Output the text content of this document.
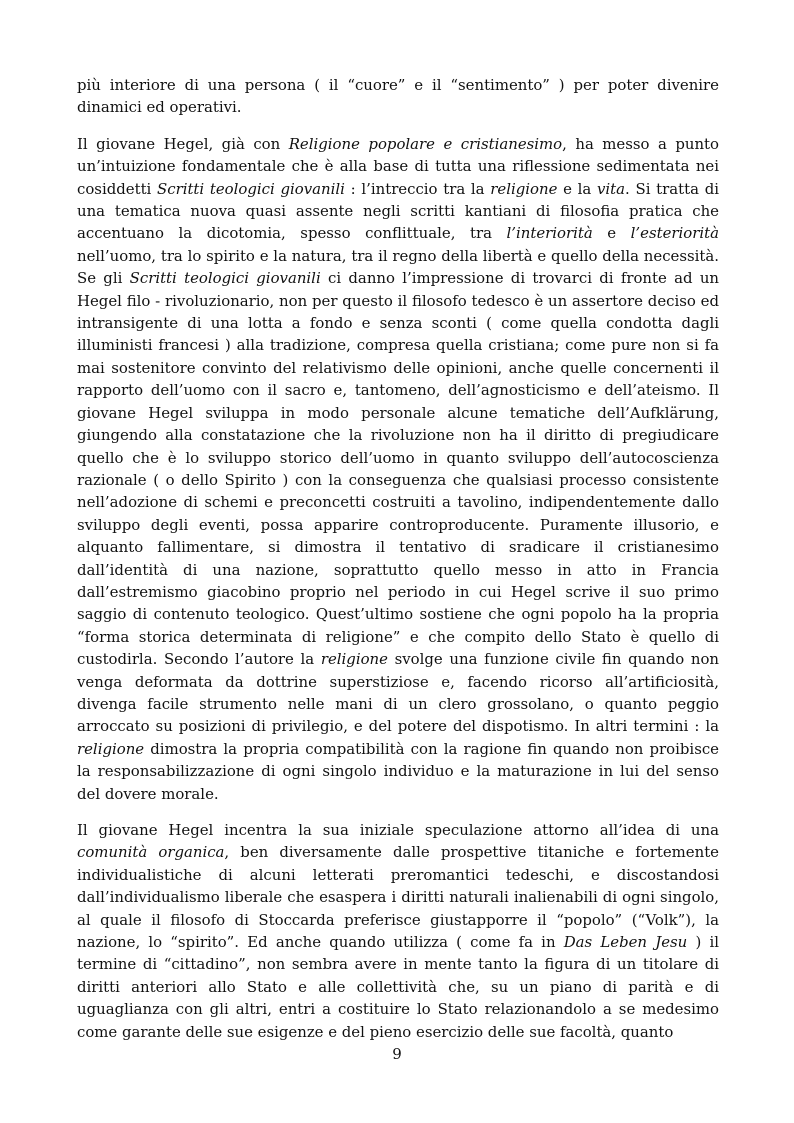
più interiore di una persona ( il “cuore” e il “sentimento” ) per poter divenire dinamici ed operativi.

Il giovane Hegel, già con Religione popolare e cristianesimo, ha messo a punto un’intuizione fondamentale che è alla base di tutta una riflessione sedimentata nei cosiddetti Scritti teologici giovanili : l’intreccio tra la religione e la vita. Si tratta di una tematica nuova quasi assente negli scritti kantiani di filosofia pratica che accentuano la dicotomia, spesso conflittuale, tra l’interiorità e l’esteriorità nell’uomo, tra lo spirito e la natura, tra il regno della libertà e quello della necessità. Se gli Scritti teologici giovanili ci danno l’impressione di trovarci di fronte ad un Hegel filo - rivoluzionario, non per questo il filosofo tedesco è un assertore deciso ed intransigente di una lotta a fondo e senza sconti ( come quella condotta dagli illuministi francesi ) alla tradizione, compresa quella cristiana; come pure non si fa mai sostenitore convinto del relativismo delle opinioni, anche quelle concernenti il rapporto dell’uomo con il sacro e, tantomeno, dell’agnosticismo e dell’ateismo. Il giovane Hegel sviluppa in modo personale alcune tematiche dell’Aufklärung, giungendo alla constatazione che la rivoluzione non ha il diritto di pregiudicare quello che è lo sviluppo storico dell’uomo in quanto sviluppo dell’autocoscienza razionale ( o dello Spirito ) con la conseguenza che qualsiasi processo consistente nell’adozione di schemi e preconcetti costruiti a tavolino, indipendentemente dallo sviluppo degli eventi, possa apparire controproducente. Puramente illusorio, e alquanto fallimentare, si dimostra il tentativo di sradicare il cristianesimo dall’identità di una nazione, soprattutto quello messo in atto in Francia dall’estremismo giacobino proprio nel periodo in cui Hegel scrive il suo primo saggio di contenuto teologico. Quest’ultimo sostiene che ogni popolo ha la propria “forma storica determinata di religione” e che compito dello Stato è quello di custodirla. Secondo l’autore la religione svolge una funzione civile fin quando non venga deformata da dottrine superstiziose e, facendo ricorso all’artificiosità, divenga facile strumento nelle mani di un clero grossolano, o quanto peggio arroccato su posizioni di privilegio, e del potere del dispotismo. In altri termini : la religione dimostra la propria compatibilità con la ragione fin quando non proibisce la responsabilizzazione di ogni singolo individuo e la maturazione in lui del senso del dovere morale.

Il giovane Hegel incentra la sua iniziale speculazione attorno all’idea di una comunità organica, ben diversamente dalle prospettive titaniche e fortemente individualistiche di alcuni letterati preromantici tedeschi, e discostandosi dall’individualismo liberale che esaspera i diritti naturali inalienabili di ogni singolo, al quale il filosofo di Stoccarda preferisce giustapporre il “popolo” (“Volk”), la nazione, lo “spirito”. Ed anche quando utilizza ( come fa in Das Leben Jesu ) il termine di “cittadino”, non sembra avere in mente tanto la figura di un titolare di diritti anteriori allo Stato e alle collettività che, su un piano di parità e di uguaglianza con gli altri, entri a costituire lo Stato relazionandolo a se medesimo come garante delle sue esigenze e del pieno esercizio delle sue facoltà, quanto

9
